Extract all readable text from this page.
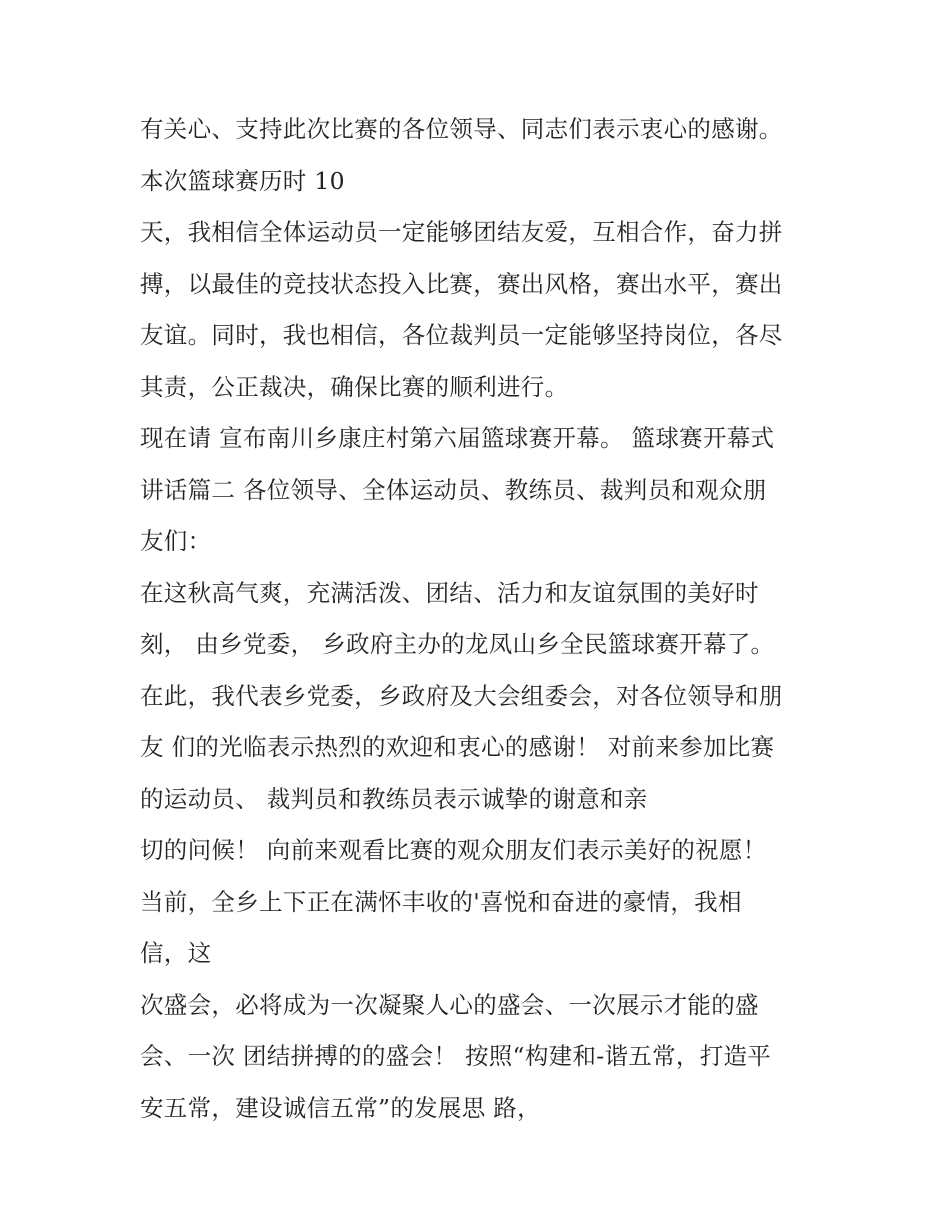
有关心、支持此次比赛的各位领导、同志们表示衷心的感谢。
本次篮球赛历时 10
天，我相信全体运动员一定能够团结友爱，互相合作，奋力拼
搏，以最佳的竞技状态投入比赛，赛出风格，赛出水平，赛出
友谊。同时，我也相信，各位裁判员一定能够坚持岗位，各尽
其责，公正裁决，确保比赛的顺利进行。
现在请 宣布南川乡康庄村第六届篮球赛开幕。 篮球赛开幕式
讲话篇二 各位领导、全体运动员、教练员、裁判员和观众朋
友们：
在这秋高气爽，充满活泼、团结、活力和友谊氛围的美好时
刻， 由乡党委， 乡政府主办的龙凤山乡全民篮球赛开幕了。
在此，我代表乡党委，乡政府及大会组委会，对各位领导和朋
友 们的光临表示热烈的欢迎和衷心的感谢！ 对前来参加比赛
的运动员、 裁判员和教练员表示诚挚的谢意和亲
切的问候！ 向前来观看比赛的观众朋友们表示美好的祝愿！
当前，全乡上下正在满怀丰收的'喜悦和奋进的豪情，我相
信，这
次盛会，必将成为一次凝聚人心的盛会、一次展示才能的盛
会、一次 团结拼搏的的盛会！ 按照“构建和-谐五常，打造平
安五常，建设诚信五常”的发展思 路，
